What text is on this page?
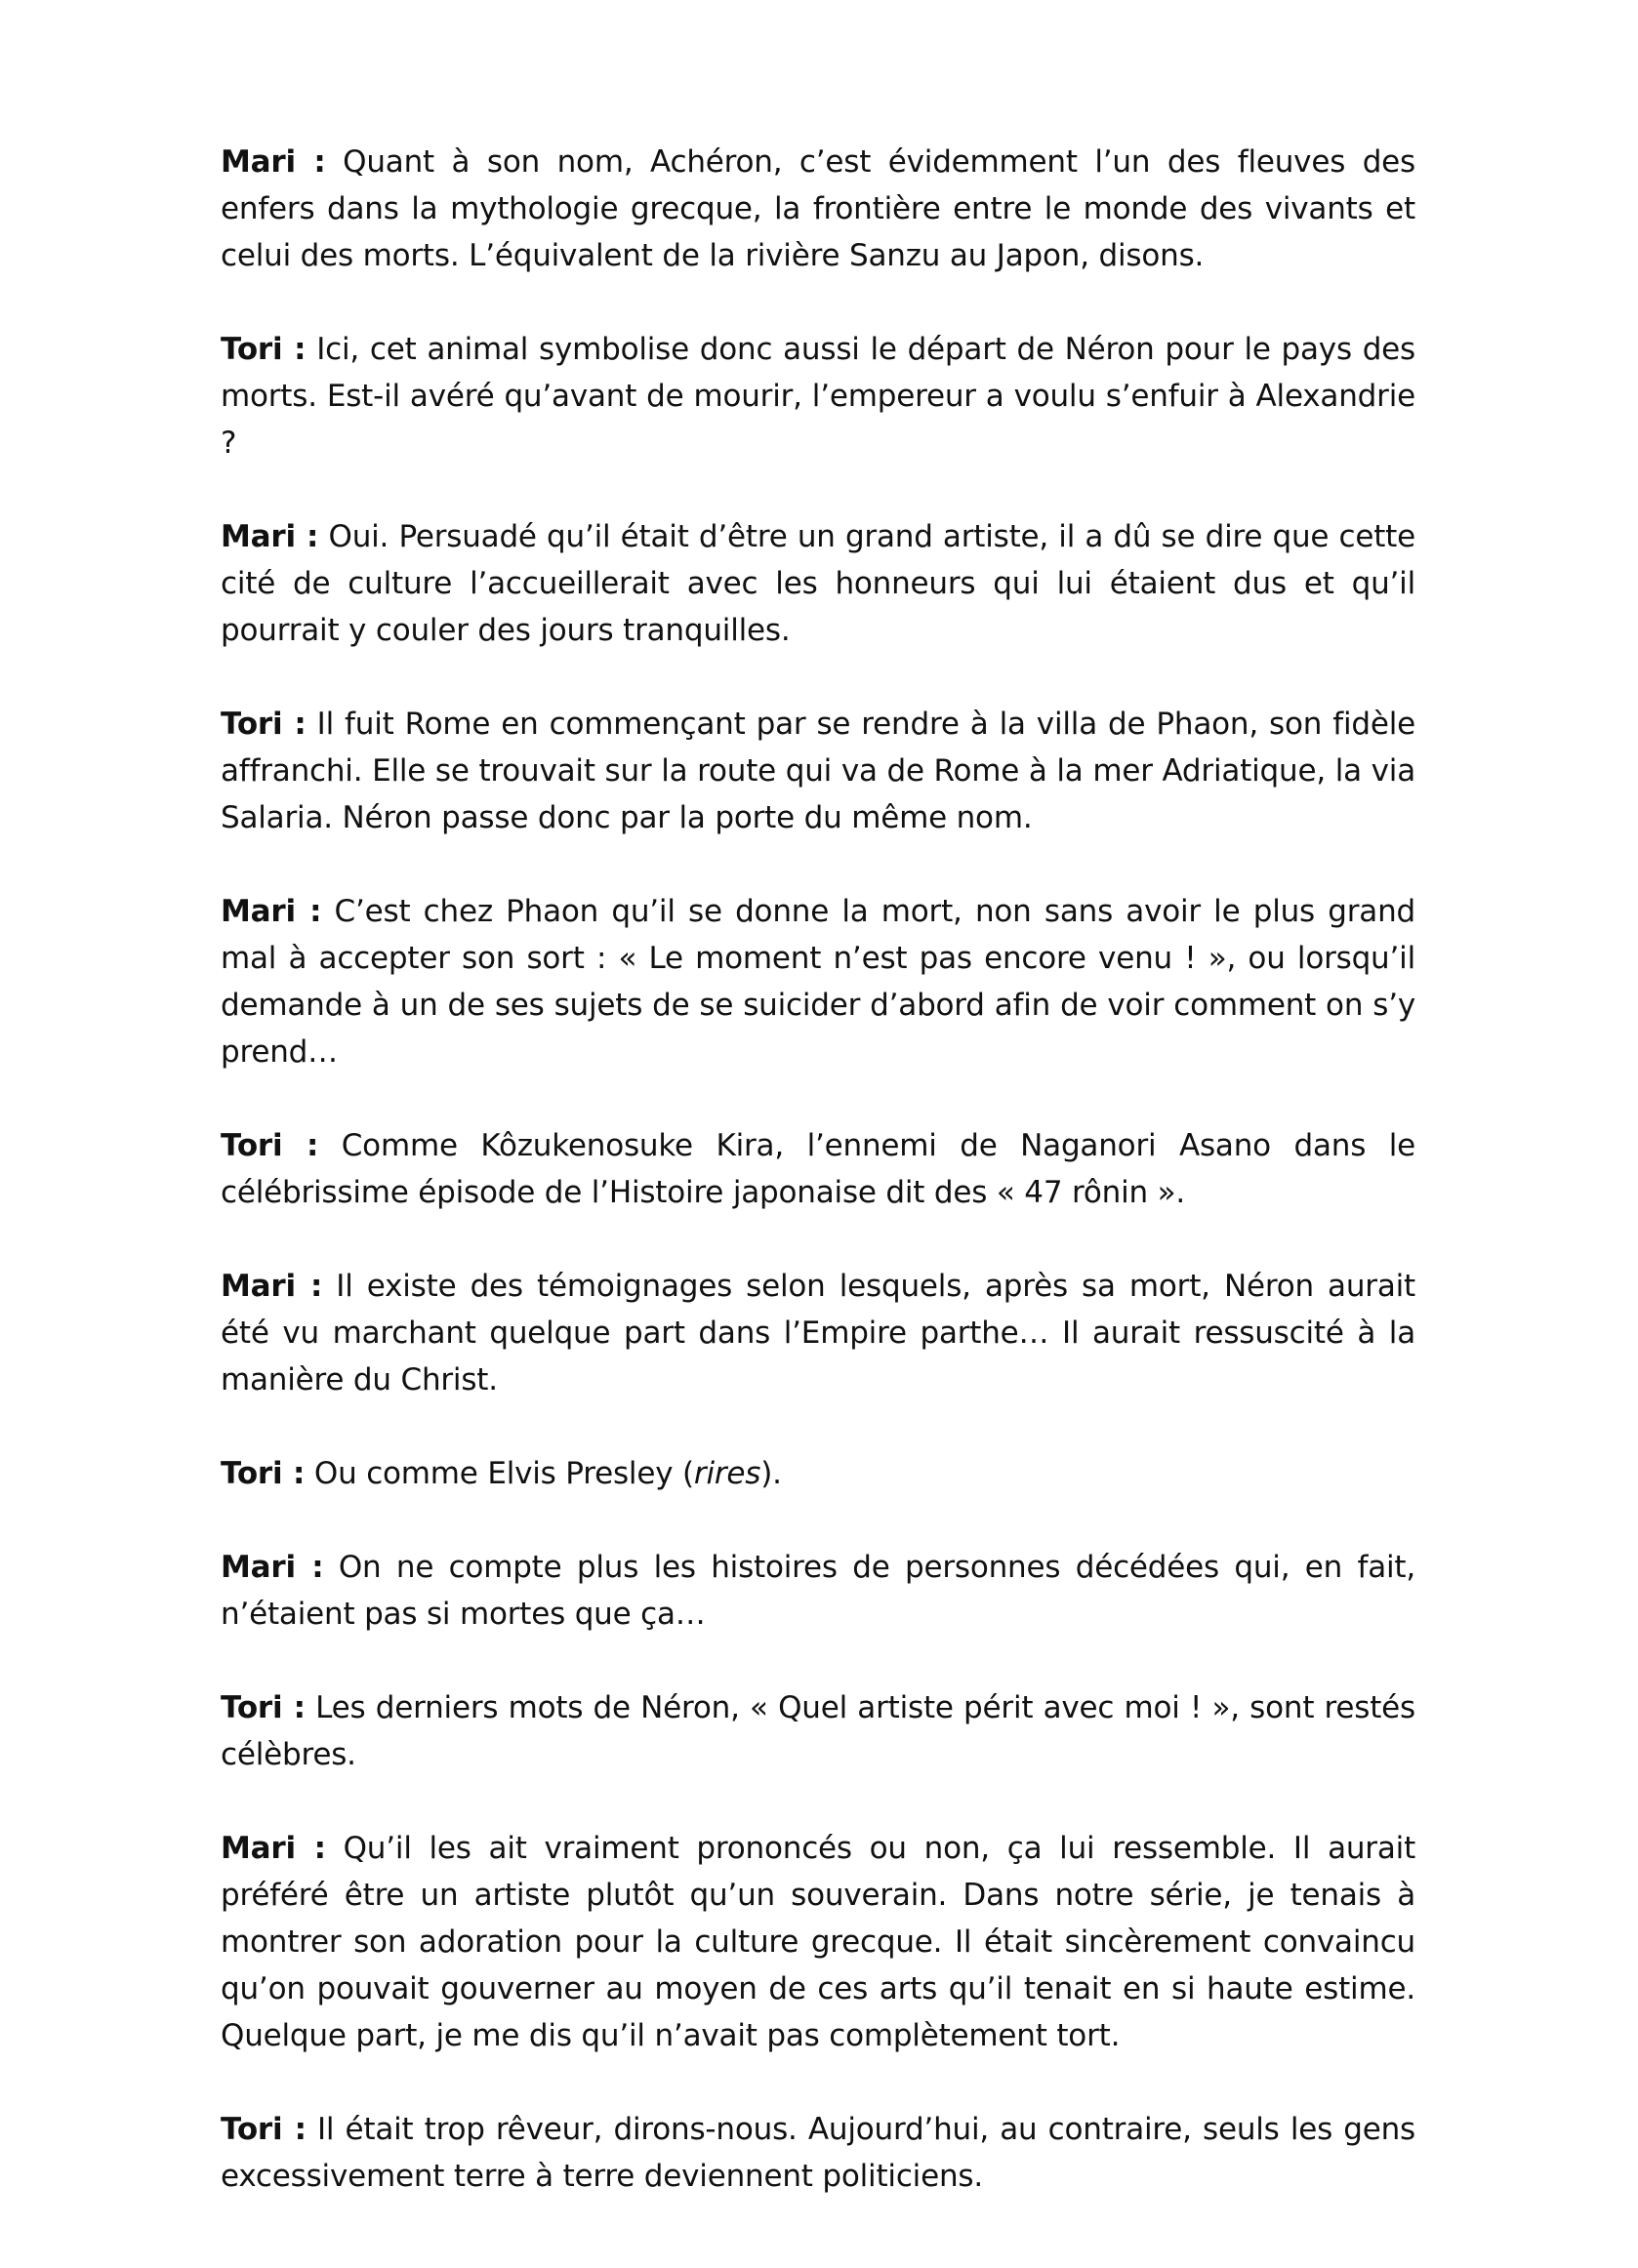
Mari : Quant à son nom, Achéron, c’est évidemment l’un des fleuves des enfers dans la mythologie grecque, la frontière entre le monde des vivants et celui des morts. L’équivalent de la rivière Sanzu au Japon, disons.

Tori : Ici, cet animal symbolise donc aussi le départ de Néron pour le pays des morts. Est-il avéré qu’avant de mourir, l’empereur a voulu s’enfuir à Alexandrie ?

Mari : Oui. Persuadé qu’il était d’être un grand artiste, il a dû se dire que cette cité de culture l’accueillerait avec les honneurs qui lui étaient dus et qu’il pourrait y couler des jours tranquilles.

Tori : Il fuit Rome en commençant par se rendre à la villa de Phaon, son fidèle affranchi. Elle se trouvait sur la route qui va de Rome à la mer Adriatique, la via Salaria. Néron passe donc par la porte du même nom.

Mari : C’est chez Phaon qu’il se donne la mort, non sans avoir le plus grand mal à accepter son sort : « Le moment n’est pas encore venu ! », ou lorsqu’il demande à un de ses sujets de se suicider d’abord afin de voir comment on s’y prend…

Tori : Comme Kôzukenosuke Kira, l’ennemi de Naganori Asano dans le célébrissime épisode de l’Histoire japonaise dit des « 47 rônin ».

Mari : Il existe des témoignages selon lesquels, après sa mort, Néron aurait été vu marchant quelque part dans l’Empire parthe… Il aurait ressuscité à la manière du Christ.

Tori : Ou comme Elvis Presley (rires).

Mari : On ne compte plus les histoires de personnes décédées qui, en fait, n’étaient pas si mortes que ça…

Tori : Les derniers mots de Néron, « Quel artiste périt avec moi ! », sont restés célèbres.

Mari : Qu’il les ait vraiment prononcés ou non, ça lui ressemble. Il aurait préféré être un artiste plutôt qu’un souverain. Dans notre série, je tenais à montrer son adoration pour la culture grecque. Il était sincèrement convaincu qu’on pouvait gouverner au moyen de ces arts qu’il tenait en si haute estime. Quelque part, je me dis qu’il n’avait pas complètement tort.

Tori : Il était trop rêveur, dirons-nous. Aujourd’hui, au contraire, seuls les gens excessivement terre à terre deviennent politiciens.
